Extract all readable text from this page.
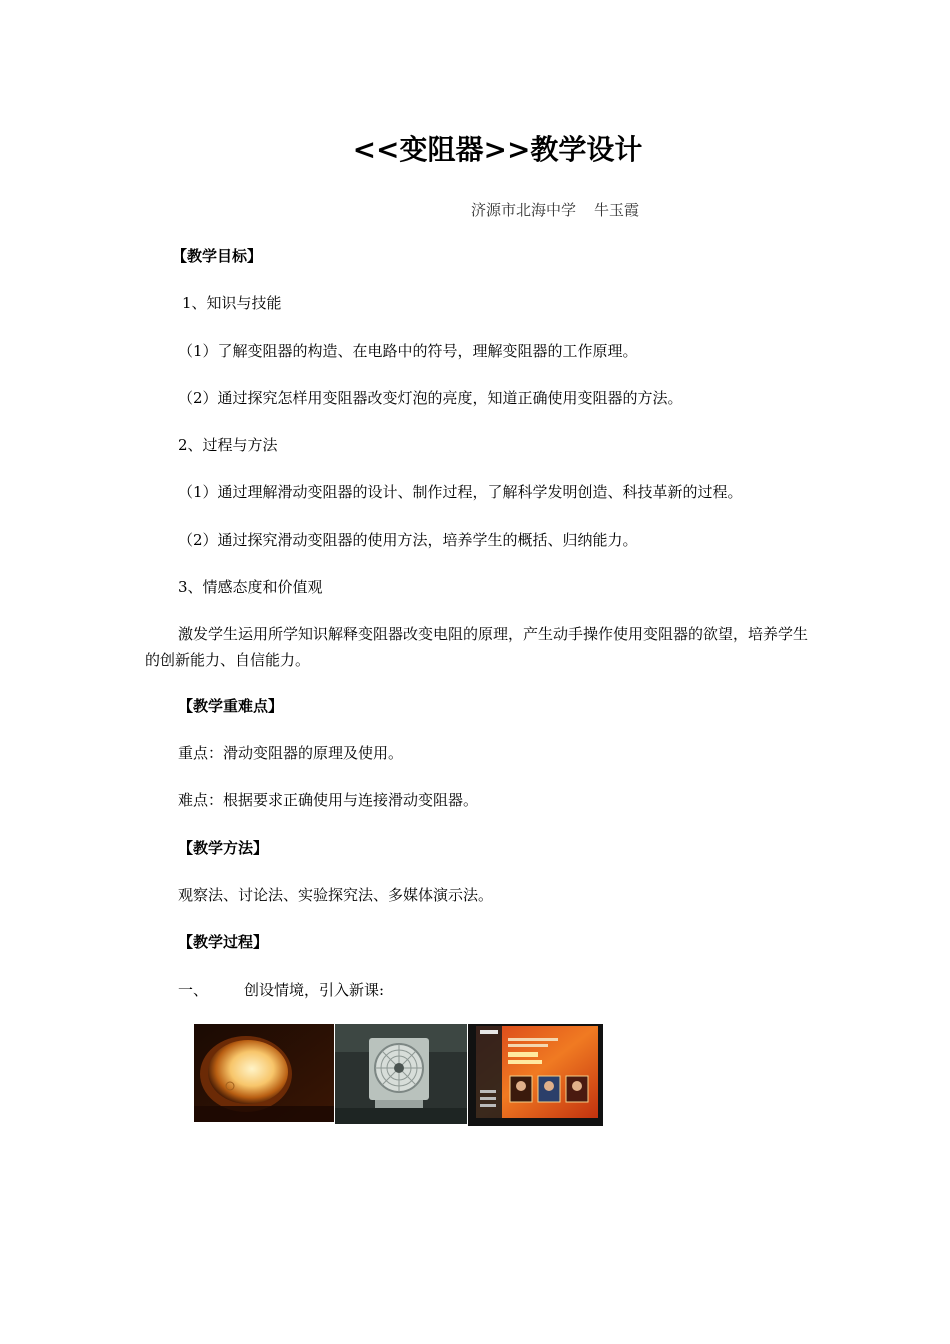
<<变阻器>>教学设计
济源市北海中学 牛玉霞
【教学目标】
1、知识与技能
（1）了解变阻器的构造、在电路中的符号，理解变阻器的工作原理。
（2）通过探究怎样用变阻器改变灯泡的亮度，知道正确使用变阻器的方法。
2、过程与方法
（1）通过理解滑动变阻器的设计、制作过程，了解科学发明创造、科技革新的过程。
（2）通过探究滑动变阻器的使用方法，培养学生的概括、归纳能力。
3、情感态度和价值观
激发学生运用所学知识解释变阻器改变电阻的原理，产生动手操作使用变阻器的欲望，培养学生的创新能力、自信能力。
【教学重难点】
重点：滑动变阻器的原理及使用。
难点：根据要求正确使用与连接滑动变阻器。
【教学方法】
观察法、讨论法、实验探究法、多媒体演示法。
【教学过程】
一、 创设情境，引入新课:
